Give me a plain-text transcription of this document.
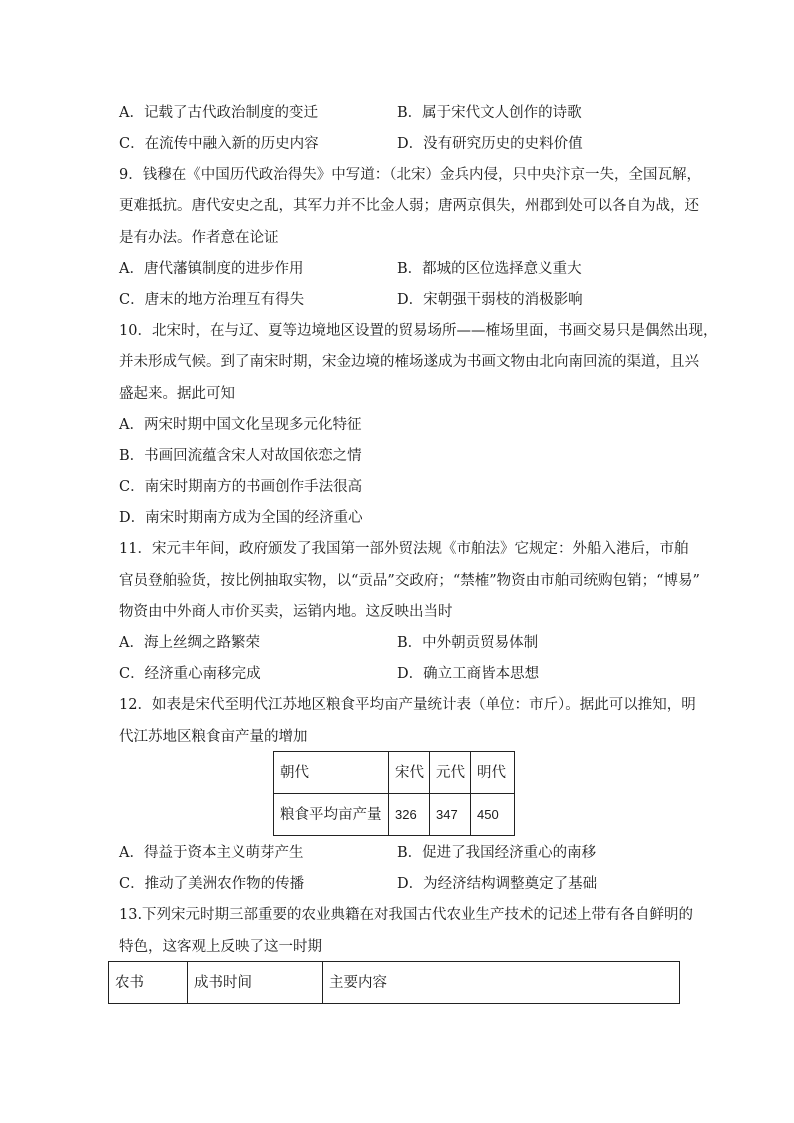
A．记载了古代政治制度的变迁	B．属于宋代文人创作的诗歌
C．在流传中融入新的历史内容	D．没有研究历史的史料价值
9．钱穆在《中国历代政治得失》中写道：（北宋）金兵内侵，只中央汴京一失，全国瓦解，
更难抵抗。唐代安史之乱，其军力并不比金人弱；唐两京俱失，州郡到处可以各自为战，还
是有办法。作者意在论证
A．唐代藩镇制度的进步作用	B．都城的区位选择意义重大
C．唐末的地方治理互有得失	D．宋朝强干弱枝的消极影响
10．北宋时，在与辽、夏等边境地区设置的贸易场所——榷场里面，书画交易只是偶然出现，
并未形成气候。到了南宋时期，宋金边境的榷场遂成为书画文物由北向南回流的渠道，且兴
盛起来。据此可知
A．两宋时期中国文化呈现多元化特征
B．书画回流蕴含宋人对故国依恋之情
C．南宋时期南方的书画创作手法很高
D．南宋时期南方成为全国的经济重心
11．宋元丰年间，政府颁发了我国第一部外贸法规《市舶法》它规定：外船入港后，市舶
官员登舶验货，按比例抽取实物，以“贡品”交政府；“禁榷”物资由市舶司统购包销；“博易”
物资由中外商人市价买卖，运销内地。这反映出当时
A．海上丝绸之路繁荣	B．中外朝贡贸易体制
C．经济重心南移完成	D．确立工商皆本思想
12．如表是宋代至明代江苏地区粮食平均亩产量统计表（单位：市斤）。据此可以推知，明
代江苏地区粮食亩产量的增加
朝代	宋代	元代	明代
粮食平均亩产量	326	347	450
A．得益于资本主义萌芽产生	B．促进了我国经济重心的南移
C．推动了美洲农作物的传播	D．为经济结构调整奠定了基础
13.下列宋元时期三部重要的农业典籍在对我国古代农业生产技术的记述上带有各自鲜明的
特色，这客观上反映了这一时期
农书	成书时间	主要内容
